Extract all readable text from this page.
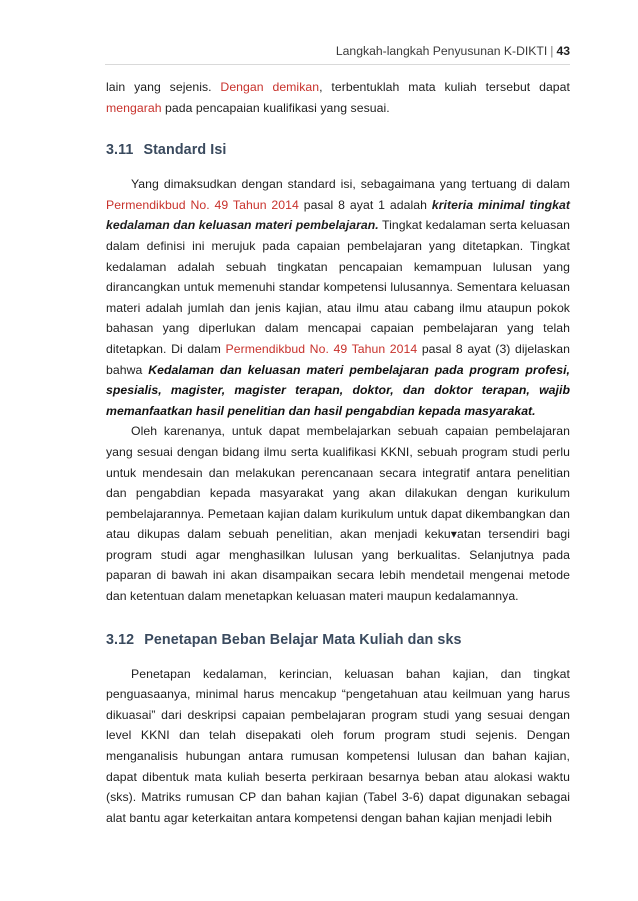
Langkah-langkah Penyusunan K-DIKTI | 43

lain yang sejenis. Dengan demikan, terbentuklah mata kuliah tersebut dapat mengarah pada pencapaian kualifikasi yang sesuai.

3.11 Standard Isi

Yang dimaksudkan dengan standard isi, sebagaimana yang tertuang di dalam Permendikbud No. 49 Tahun 2014 pasal 8 ayat 1 adalah kriteria minimal tingkat kedalaman dan keluasan materi pembelajaran. Tingkat kedalaman serta keluasan dalam definisi ini merujuk pada capaian pembelajaran yang ditetapkan. Tingkat kedalaman adalah sebuah tingkatan pencapaian kemampuan lulusan yang dirancangkan untuk memenuhi standar kompetensi lulusannya. Sementara keluasan materi adalah jumlah dan jenis kajian, atau ilmu atau cabang ilmu ataupun pokok bahasan yang diperlukan dalam mencapai capaian pembelajaran yang telah ditetapkan. Di dalam Permendikbud No. 49 Tahun 2014 pasal 8 ayat (3) dijelaskan bahwa Kedalaman dan keluasan materi pembelajaran pada program profesi, spesialis, magister, magister terapan, doktor, dan doktor terapan, wajib memanfaatkan hasil penelitian dan hasil pengabdian kepada masyarakat.

Oleh karenanya, untuk dapat membelajarkan sebuah capaian pembelajaran yang sesuai dengan bidang ilmu serta kualifikasi KKNI, sebuah program studi perlu untuk mendesain dan melakukan perencanaan secara integratif antara penelitian dan pengabdian kepada masyarakat yang akan dilakukan dengan kurikulum pembelajarannya. Pemetaan kajian dalam kurikulum untuk dapat dikembangkan dan atau dikupas dalam sebuah penelitian, akan menjadi keku▾atan tersendiri bagi program studi agar menghasilkan lulusan yang berkualitas. Selanjutnya pada paparan di bawah ini akan disampaikan secara lebih mendetail mengenai metode dan ketentuan dalam menetapkan keluasan materi maupun kedalamannya.

3.12 Penetapan Beban Belajar Mata Kuliah dan sks

Penetapan kedalaman, kerincian, keluasan bahan kajian, dan tingkat penguasaanya, minimal harus mencakup “pengetahuan atau keilmuan yang harus dikuasai” dari deskripsi capaian pembelajaran program studi yang sesuai dengan level KKNI dan telah disepakati oleh forum program studi sejenis. Dengan menganalisis hubungan antara rumusan kompetensi lulusan dan bahan kajian, dapat dibentuk mata kuliah beserta perkiraan besarnya beban atau alokasi waktu (sks). Matriks rumusan CP dan bahan kajian (Tabel 3-6) dapat digunakan sebagai alat bantu agar keterkaitan antara kompetensi dengan bahan kajian menjadi lebih
